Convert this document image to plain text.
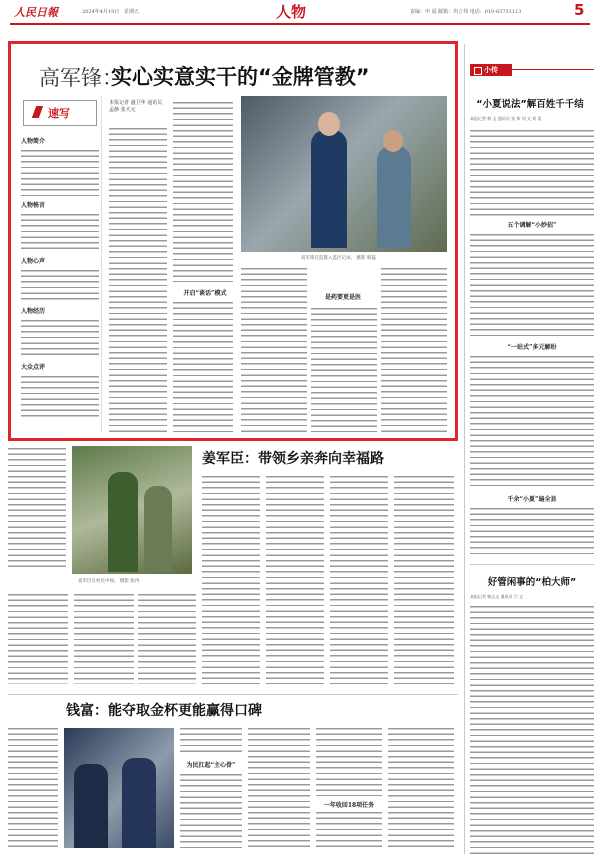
人民日報	2024年4月19日 星期五	人物	责编：申 晨 邮箱：巩立伟 电话：010-83731113	5
高军锋：
实心实意实干的“金牌管教”
速写
人物简介
人物格言
人物心声
人物经历
大众点评
本报记者 盛卫华 通讯员 孟静 张天元
开启“谈话”模式
高军锋在监狱入监区记录。 摄影 韩磊
是药要更是医
姜军臣在村民中间。 摄影 张冉
姜军臣：带领乡亲奔向幸福路
钱富：能夺取金杯更能赢得口碑
为民扛起“主心骨”
一年收回18项任务
小传
“小夏说法”解百姓千千结
本报记者 韩 文 通讯员 张 伟 刘 文 刘 雷
五个调解“小妙招”
“一站式”多元解纷
千余“小夏”遍全县
好管闲事的“柏大师”
本报记者 韩志文 通讯员 吕 文
